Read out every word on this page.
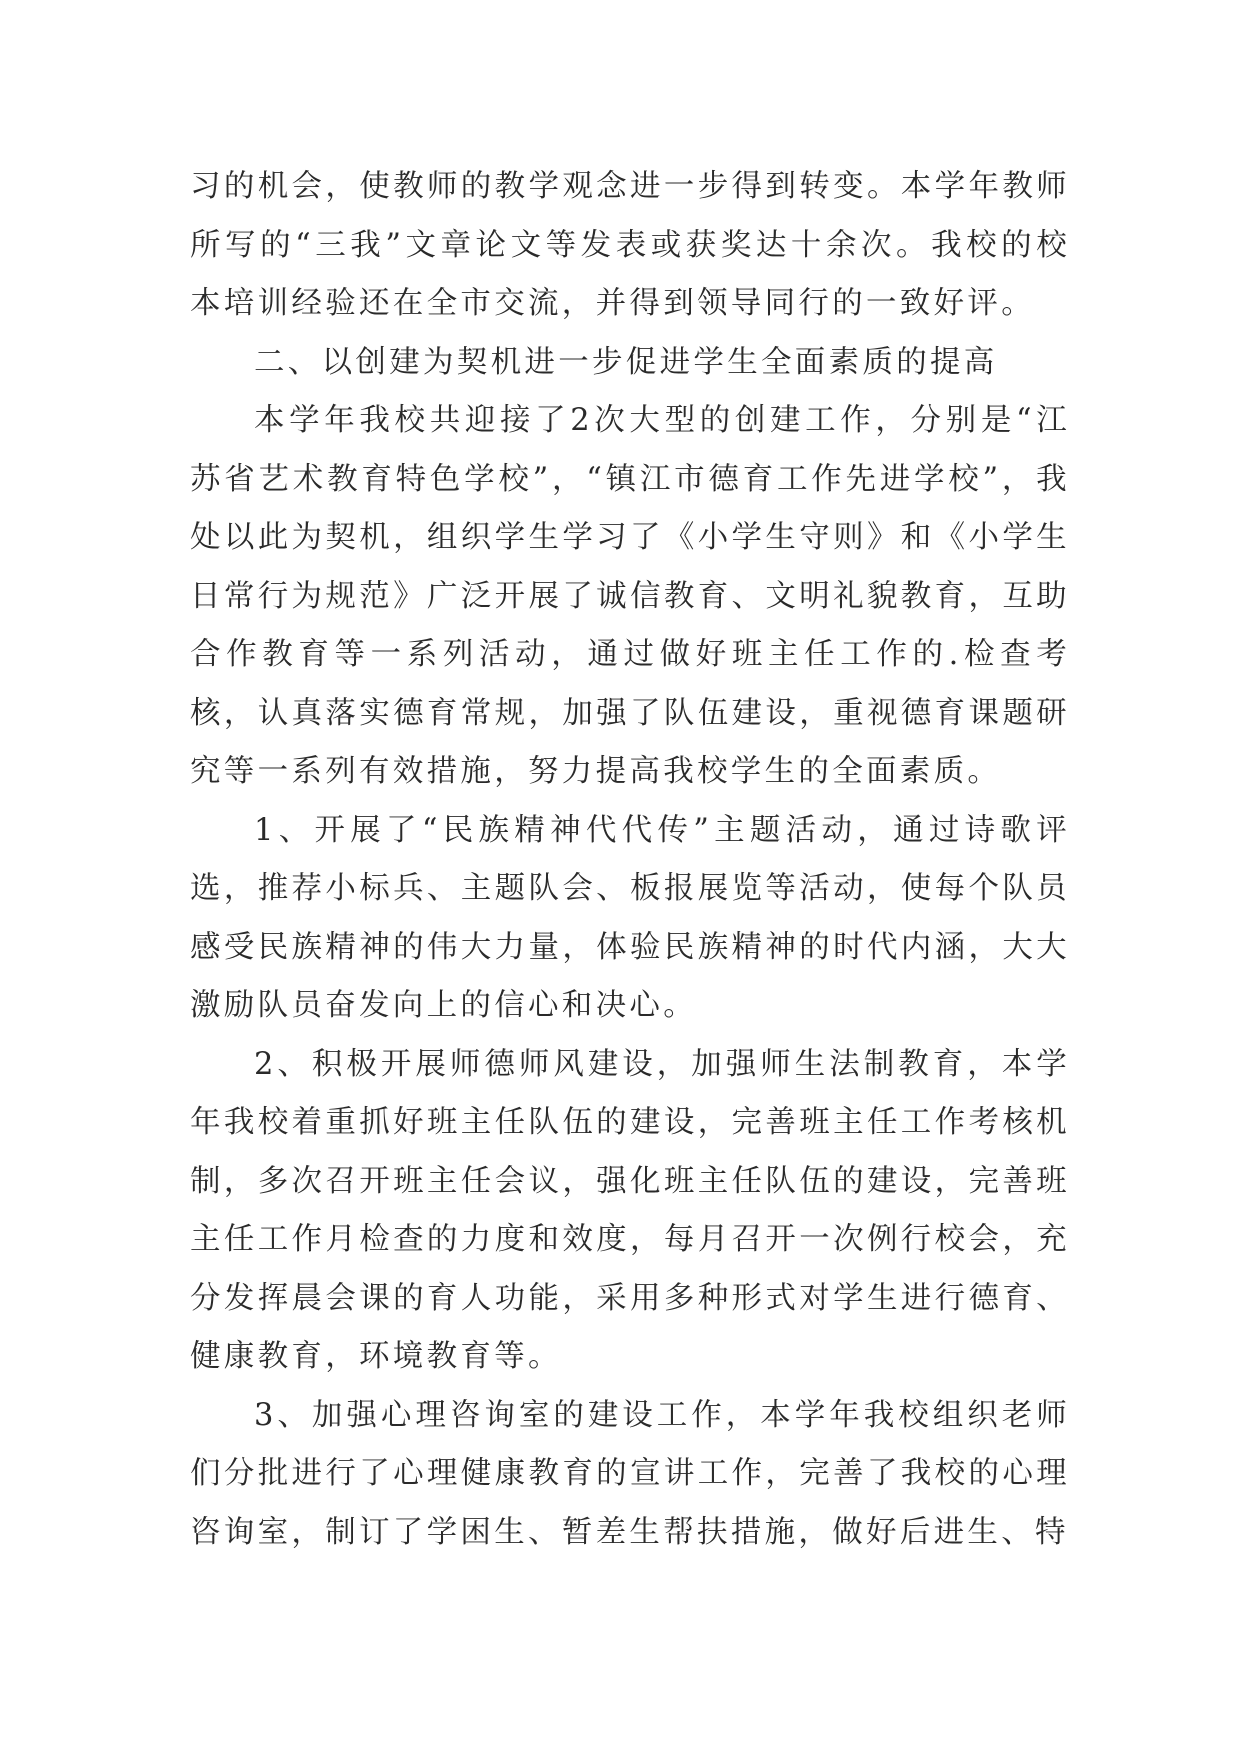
习的机会，使教师的教学观念进一步得到转变。本学年教师所写的“三我”文章论文等发表或获奖达十余次。我校的校本培训经验还在全市交流，并得到领导同行的一致好评。

二、以创建为契机进一步促进学生全面素质的提高

本学年我校共迎接了2次大型的创建工作，分别是“江苏省艺术教育特色学校”，“镇江市德育工作先进学校”，我处以此为契机，组织学生学习了《小学生守则》和《小学生日常行为规范》广泛开展了诚信教育、文明礼貌教育，互助合作教育等一系列活动，通过做好班主任工作的.检查考核，认真落实德育常规，加强了队伍建设，重视德育课题研究等一系列有效措施，努力提高我校学生的全面素质。

1、开展了“民族精神代代传”主题活动，通过诗歌评选，推荐小标兵、主题队会、板报展览等活动，使每个队员感受民族精神的伟大力量，体验民族精神的时代内涵，大大激励队员奋发向上的信心和决心。

2、积极开展师德师风建设，加强师生法制教育，本学年我校着重抓好班主任队伍的建设，完善班主任工作考核机制，多次召开班主任会议，强化班主任队伍的建设，完善班主任工作月检查的力度和效度，每月召开一次例行校会，充分发挥晨会课的育人功能，采用多种形式对学生进行德育、健康教育，环境教育等。

3、加强心理咨询室的建设工作，本学年我校组织老师们分批进行了心理健康教育的宣讲工作，完善了我校的心理咨询室，制订了学困生、暂差生帮扶措施，做好后进生、特
